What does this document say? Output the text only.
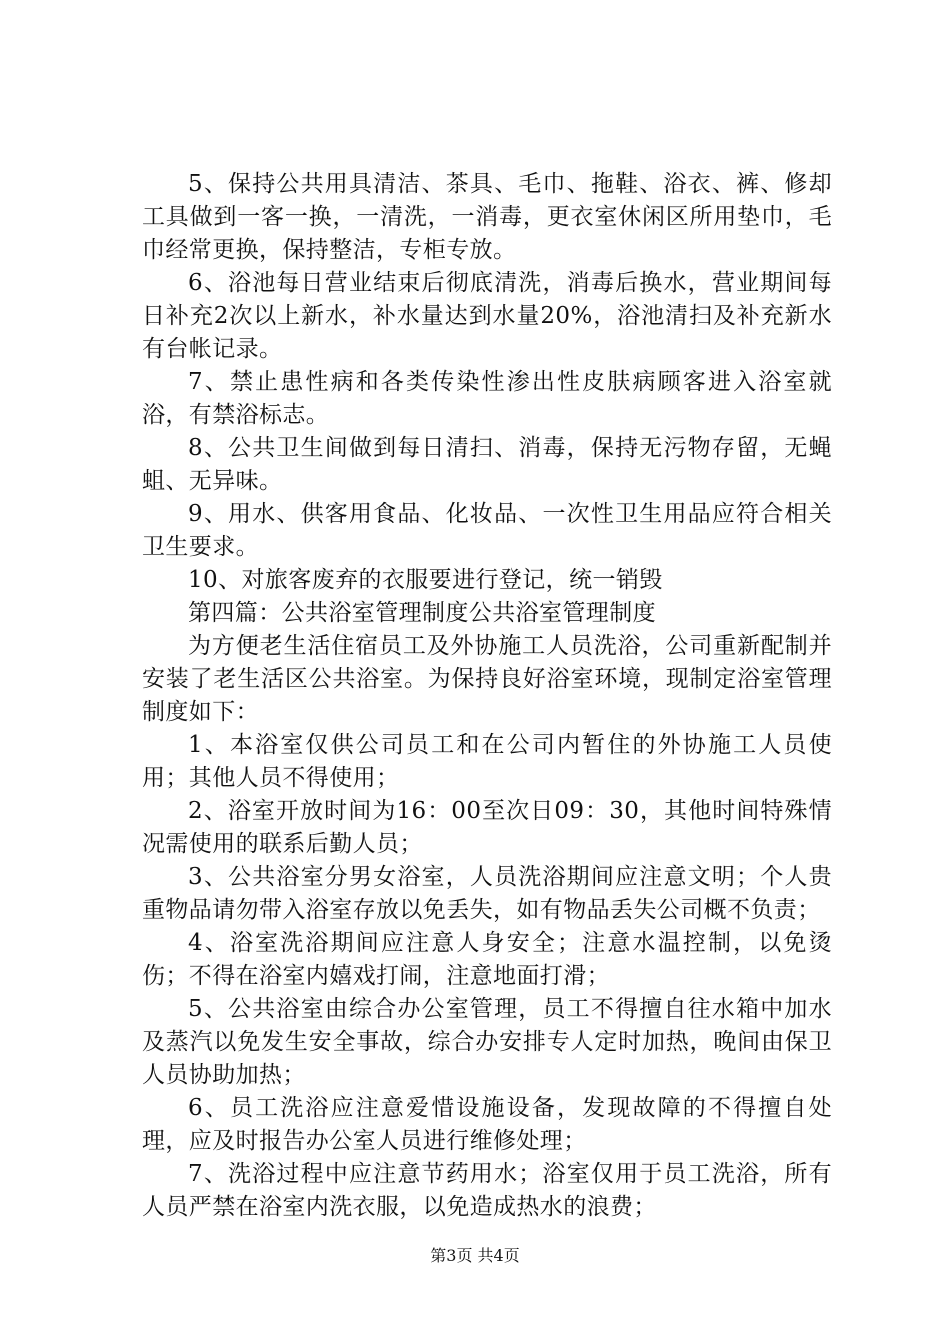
5、保持公共用具清洁、茶具、毛巾、拖鞋、浴衣、裤、修却工具做到一客一换，一清洗，一消毒，更衣室休闲区所用垫巾，毛巾经常更换，保持整洁，专柜专放。

6、浴池每日营业结束后彻底清洗，消毒后换水，营业期间每日补充2次以上新水，补水量达到水量20%，浴池清扫及补充新水有台帐记录。

7、禁止患性病和各类传染性渗出性皮肤病顾客进入浴室就浴，有禁浴标志。

8、公共卫生间做到每日清扫、消毒，保持无污物存留，无蝇蛆、无异味。

9、用水、供客用食品、化妆品、一次性卫生用品应符合相关卫生要求。

10、对旅客废弃的衣服要进行登记，统一销毁

第四篇：公共浴室管理制度公共浴室管理制度

为方便老生活住宿员工及外协施工人员洗浴，公司重新配制并安装了老生活区公共浴室。为保持良好浴室环境，现制定浴室管理制度如下：

1、本浴室仅供公司员工和在公司内暂住的外协施工人员使用；其他人员不得使用；

2、浴室开放时间为16：00至次日09：30，其他时间特殊情况需使用的联系后勤人员；

3、公共浴室分男女浴室，人员洗浴期间应注意文明；个人贵重物品请勿带入浴室存放以免丢失，如有物品丢失公司概不负责；

4、浴室洗浴期间应注意人身安全；注意水温控制，以免烫伤；不得在浴室内嬉戏打闹，注意地面打滑；

5、公共浴室由综合办公室管理，员工不得擅自往水箱中加水及蒸汽以免发生安全事故，综合办安排专人定时加热，晚间由保卫人员协助加热；

6、员工洗浴应注意爱惜设施设备，发现故障的不得擅自处理，应及时报告办公室人员进行维修处理；

7、洗浴过程中应注意节药用水；浴室仅用于员工洗浴，所有人员严禁在浴室内洗衣服，以免造成热水的浪费；

第3页 共4页
